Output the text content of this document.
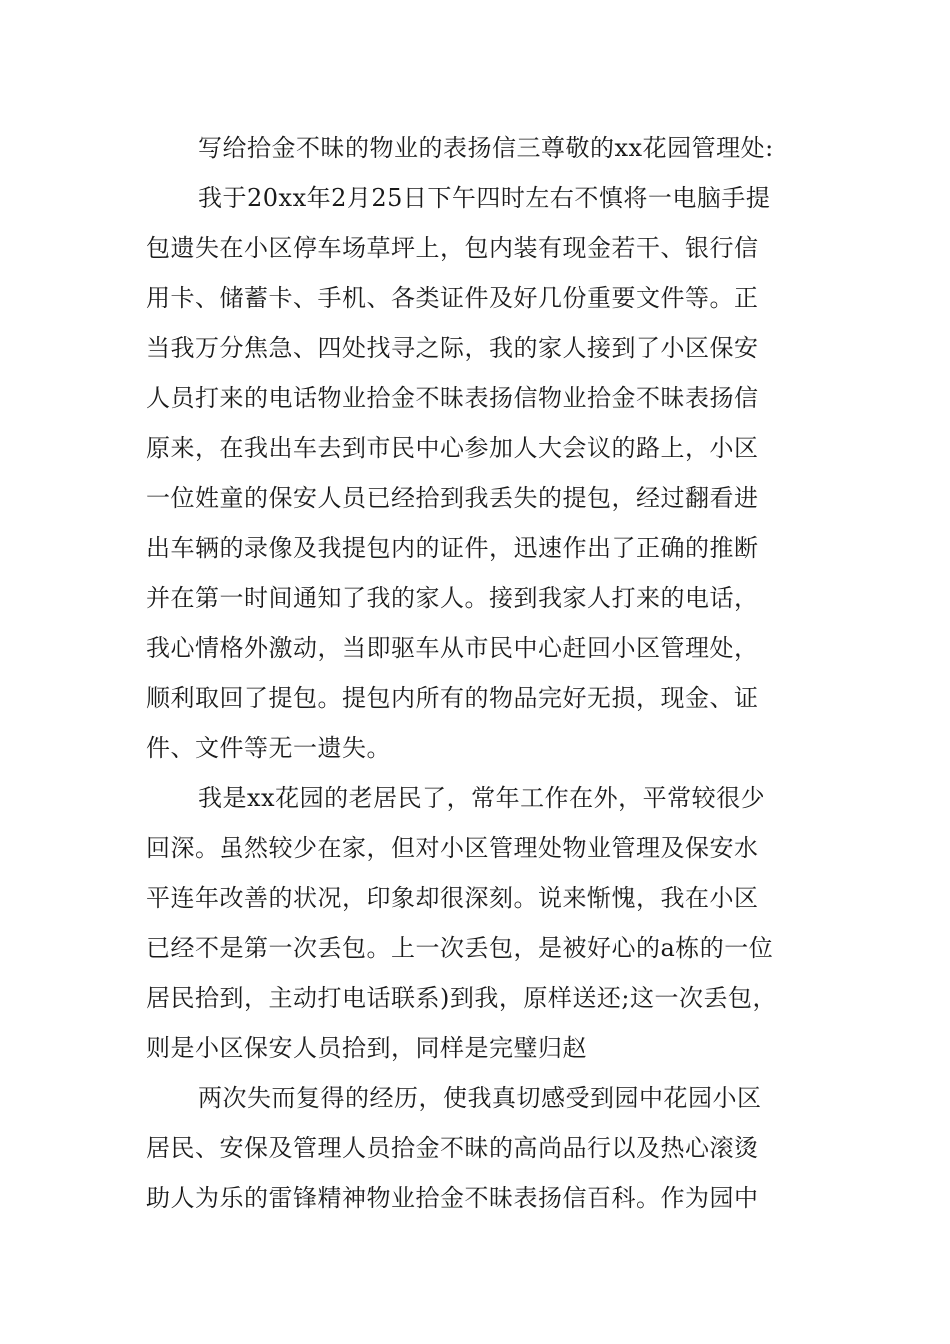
写给拾金不昧的物业的表扬信三尊敬的xx花园管理处:
我于20xx年2月25日下午四时左右不慎将一电脑手提
包遗失在小区停车场草坪上，包内装有现金若干、银行信
用卡、储蓄卡、手机、各类证件及好几份重要文件等。正
当我万分焦急、四处找寻之际，我的家人接到了小区保安
人员打来的电话物业拾金不昧表扬信物业拾金不昧表扬信
原来，在我出车去到市民中心参加人大会议的路上，小区
一位姓童的保安人员已经拾到我丢失的提包，经过翻看进
出车辆的录像及我提包内的证件，迅速作出了正确的推断
并在第一时间通知了我的家人。接到我家人打来的电话，
我心情格外激动，当即驱车从市民中心赶回小区管理处，
顺利取回了提包。提包内所有的物品完好无损，现金、证
件、文件等无一遗失。
我是xx花园的老居民了，常年工作在外，平常较很少
回深。虽然较少在家，但对小区管理处物业管理及保安水
平连年改善的状况，印象却很深刻。说来惭愧，我在小区
已经不是第一次丢包。上一次丢包，是被好心的a栋的一位
居民拾到，主动打电话联系)到我，原样送还;这一次丢包，
则是小区保安人员拾到，同样是完璧归赵
两次失而复得的经历，使我真切感受到园中花园小区
居民、安保及管理人员拾金不昧的高尚品行以及热心滚烫
助人为乐的雷锋精神物业拾金不昧表扬信百科。作为园中
